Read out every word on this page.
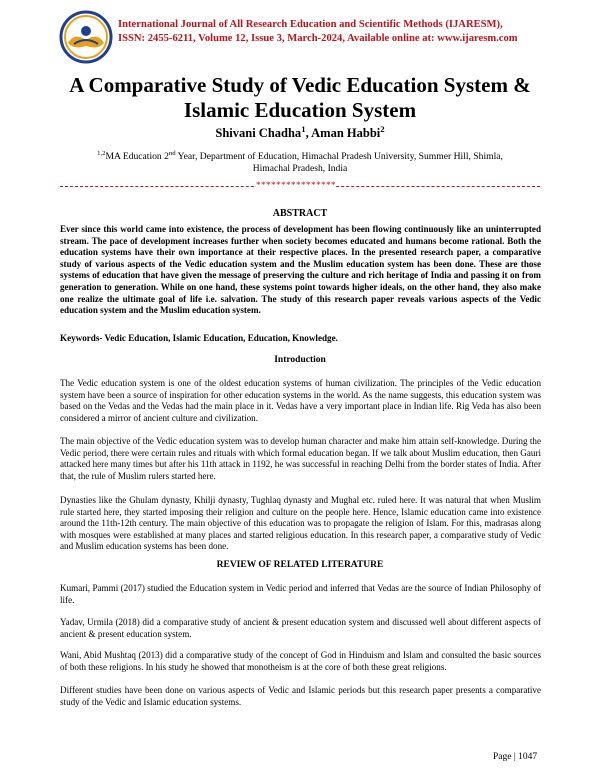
International Journal of All Research Education and Scientific Methods (IJARESM),
ISSN: 2455-6211, Volume 12, Issue 3, March-2024, Available online at: www.ijaresm.com
A Comparative Study of Vedic Education System &
Islamic Education System
Shivani Chadha$^1$, Aman Habbi$^2$
$^{1,2}$MA Education 2nd Year, Department of Education, Himachal Pradesh University, Summer Hill, Shimla,
Himachal Pradesh, India
****************
ABSTRACT
Ever since this world came into existence, the process of development has been flowing continuously like an uninterrupted stream. The pace of development increases further when society becomes educated and humans become rational. Both the education systems have their own importance at their respective places. In the presented research paper, a comparative study of various aspects of the Vedic education system and the Muslim education system has been done. These are those systems of education that have given the message of preserving the culture and rich heritage of India and passing it on from generation to generation. While on one hand, these systems point towards higher ideals, on the other hand, they also make one realize the ultimate goal of life i.e. salvation. The study of this research paper reveals various aspects of the Vedic education system and the Muslim education system.
Keywords- Vedic Education, Islamic Education, Education, Knowledge.
Introduction
The Vedic education system is one of the oldest education systems of human civilization. The principles of the Vedic education system have been a source of inspiration for other education systems in the world. As the name suggests, this education system was based on the Vedas and the Vedas had the main place in it. Vedas have a very important place in Indian life. Rig Veda has also been considered a mirror of ancient culture and civilization.
The main objective of the Vedic education system was to develop human character and make him attain self-knowledge. During the Vedic period, there were certain rules and rituals with which formal education began. If we talk about Muslim education, then Gauri attacked here many times but after his 11th attack in 1192, he was successful in reaching Delhi from the border states of India. After that, the rule of Muslim rulers started here.
Dynasties like the Ghulam dynasty, Khilji dynasty, Tughlaq dynasty and Mughal etc. ruled here. It was natural that when Muslim rule started here, they started imposing their religion and culture on the people here. Hence, Islamic education came into existence around the 11th-12th century. The main objective of this education was to propagate the religion of Islam. For this, madrasas along with mosques were established at many places and started religious education. In this research paper, a comparative study of Vedic and Muslim education systems has been done.
REVIEW OF RELATED LITERATURE
Kumari, Pammi (2017) studied the Education system in Vedic period and inferred that Vedas are the source of Indian Philosophy of life.
Yadav, Urmila (2018) did a comparative study of ancient & present education system and discussed well about different aspects of ancient & present education system.
Wani, Abid Mushtaq (2013) did a comparative study of the concept of God in Hinduism and Islam and consulted the basic sources of both these religions. In his study he showed that monotheism is at the core of both these great religions.
Different studies have been done on various aspects of Vedic and Islamic periods but this research paper presents a comparative study of the Vedic and Islamic education systems.
Page | 1047
